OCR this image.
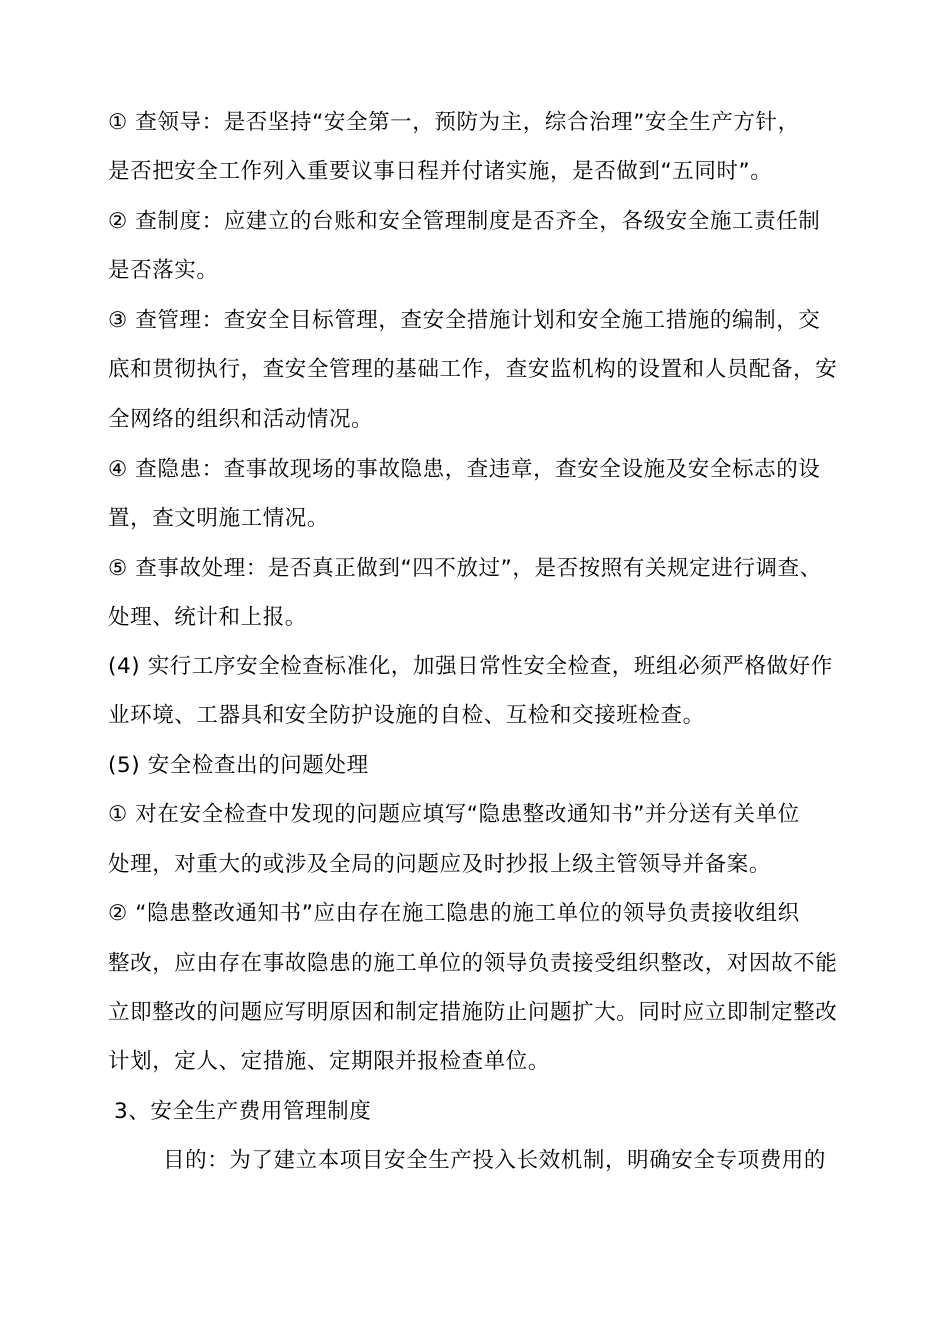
① 查领导：是否坚持“安全第一，预防为主，综合治理”安全生产方针，
是否把安全工作列入重要议事日程并付诸实施，是否做到“五同时”。
② 查制度：应建立的台账和安全管理制度是否齐全，各级安全施工责任制
是否落实。
③ 查管理：查安全目标管理，查安全措施计划和安全施工措施的编制，交
底和贯彻执行，查安全管理的基础工作，查安监机构的设置和人员配备，安
全网络的组织和活动情况。
④ 查隐患：查事故现场的事故隐患，查违章，查安全设施及安全标志的设
置，查文明施工情况。
⑤ 查事故处理：是否真正做到“四不放过”，是否按照有关规定进行调查、
处理、统计和上报。
(4) 实行工序安全检查标准化，加强日常性安全检查，班组必须严格做好作
业环境、工器具和安全防护设施的自检、互检和交接班检查。
(5) 安全检查出的问题处理
① 对在安全检查中发现的问题应填写“隐患整改通知书”并分送有关单位
处理，对重大的或涉及全局的问题应及时抄报上级主管领导并备案。
② “隐患整改通知书”应由存在施工隐患的施工单位的领导负责接收组织
整改，应由存在事故隐患的施工单位的领导负责接受组织整改，对因故不能
立即整改的问题应写明原因和制定措施防止问题扩大。同时应立即制定整改
计划，定人、定措施、定期限并报检查单位。
3、安全生产费用管理制度
目的：为了建立本项目安全生产投入长效机制，明确安全专项费用的
